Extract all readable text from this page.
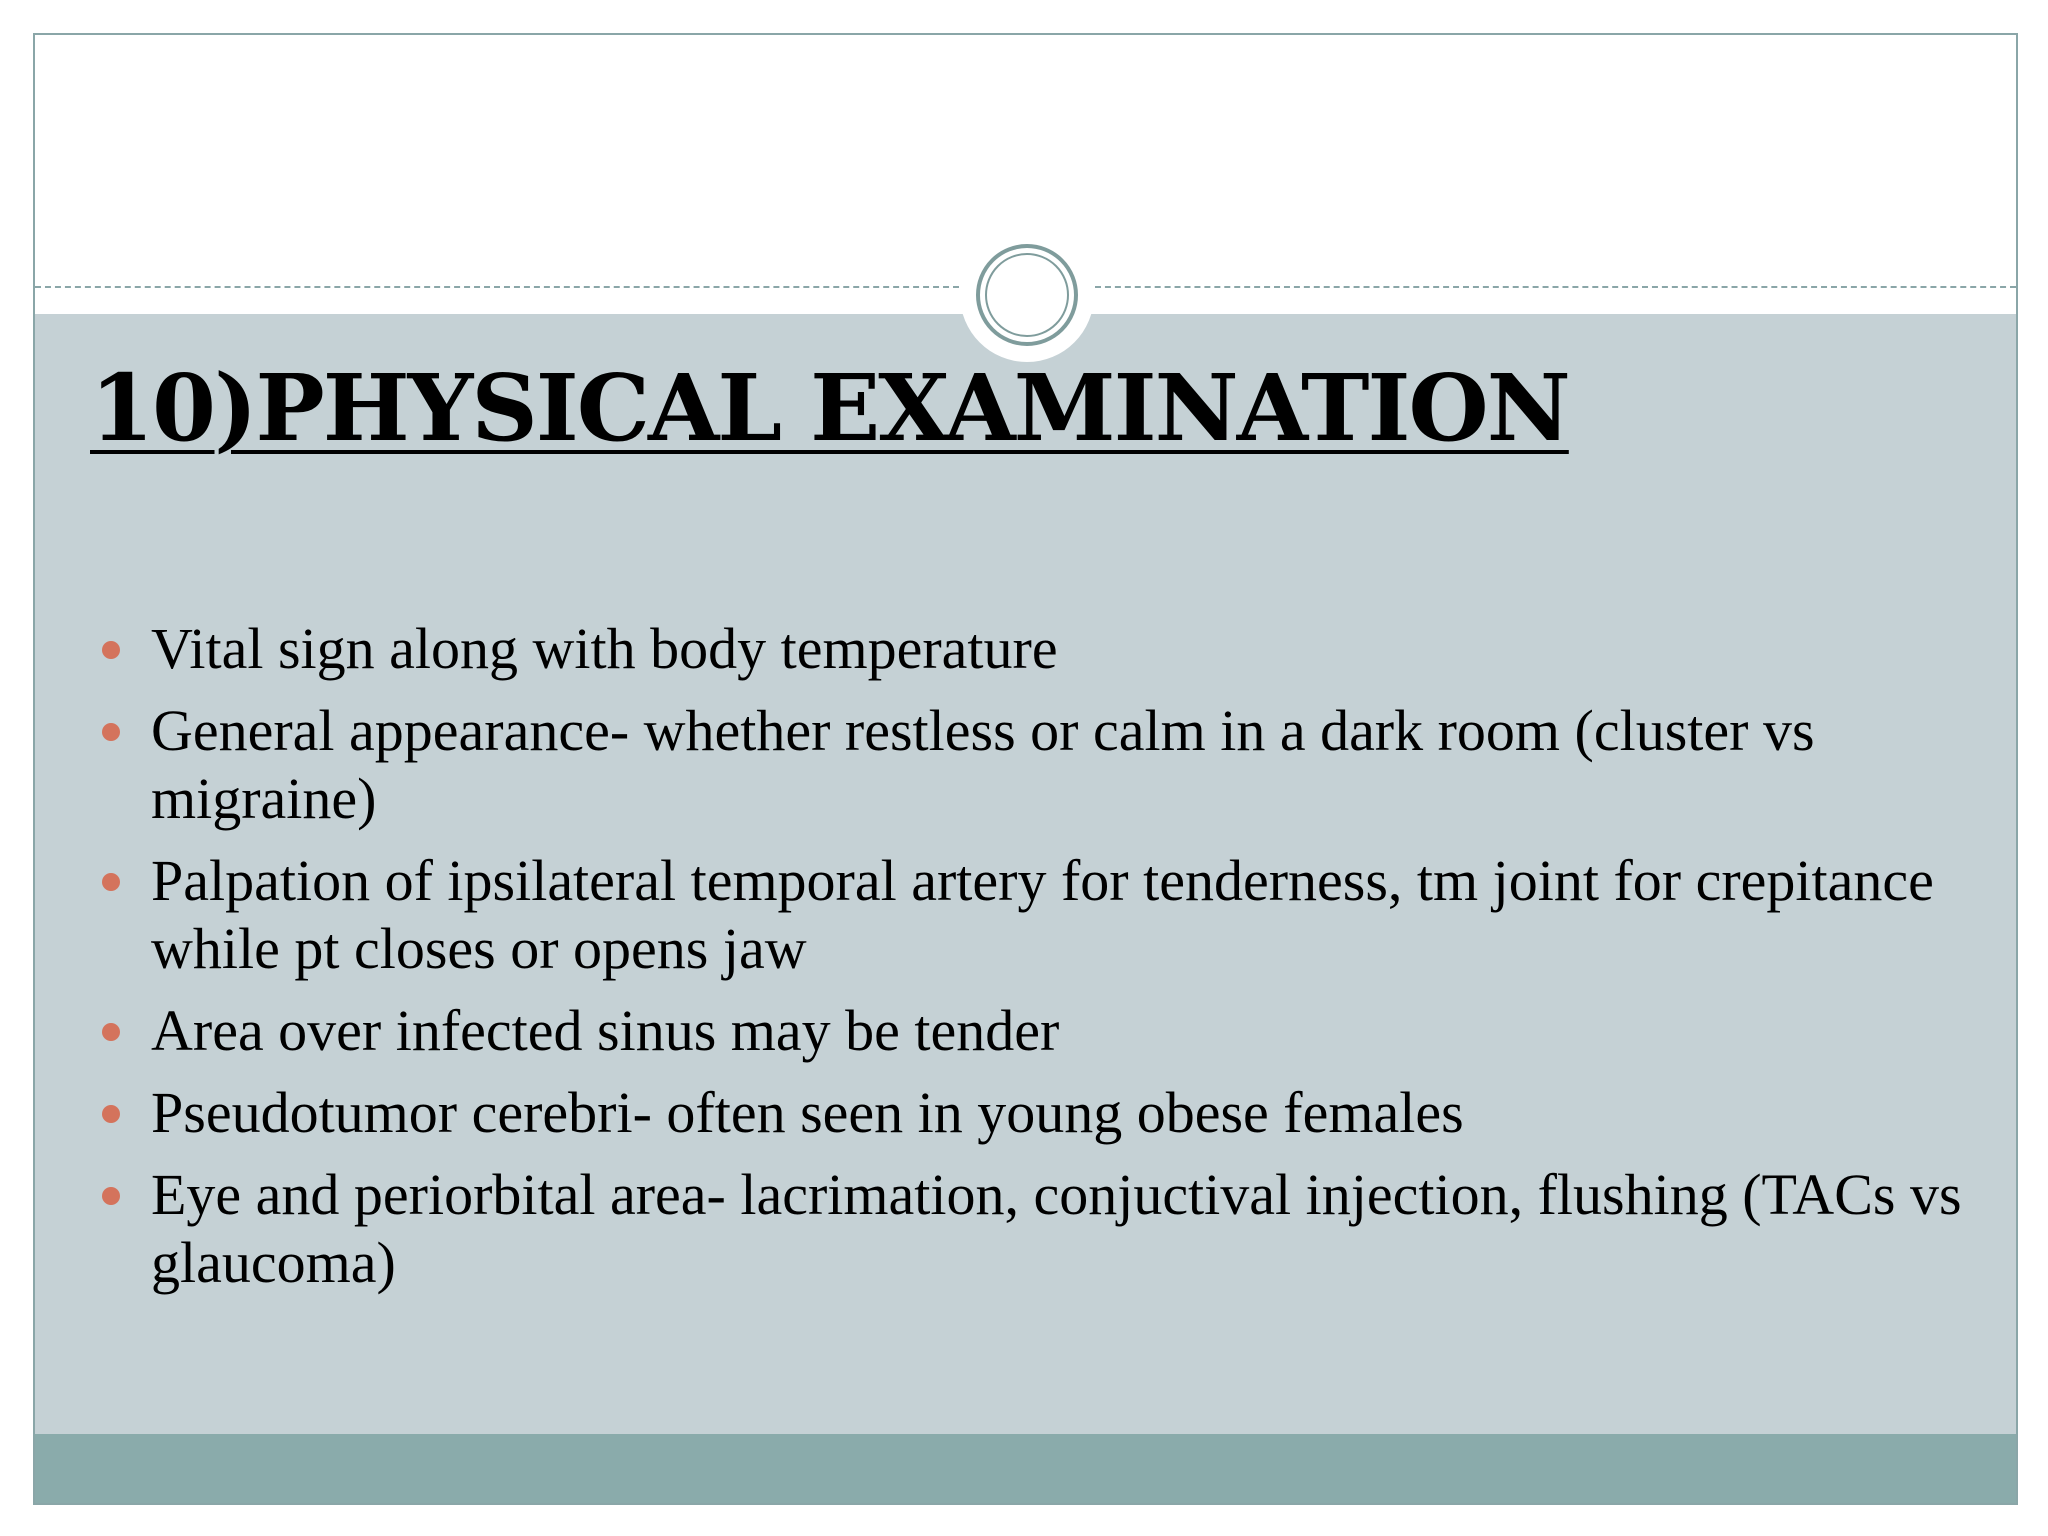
10)PHYSICAL EXAMINATION
Vital sign along with body temperature
General appearance- whether restless or calm in a dark room (cluster vs migraine)
Palpation of ipsilateral temporal artery for tenderness, tm joint for crepitance while pt closes or opens jaw
Area over infected sinus may be tender
Pseudotumor cerebri- often seen in young obese females
Eye and periorbital area- lacrimation, conjuctival injection, flushing (TACs vs glaucoma)
